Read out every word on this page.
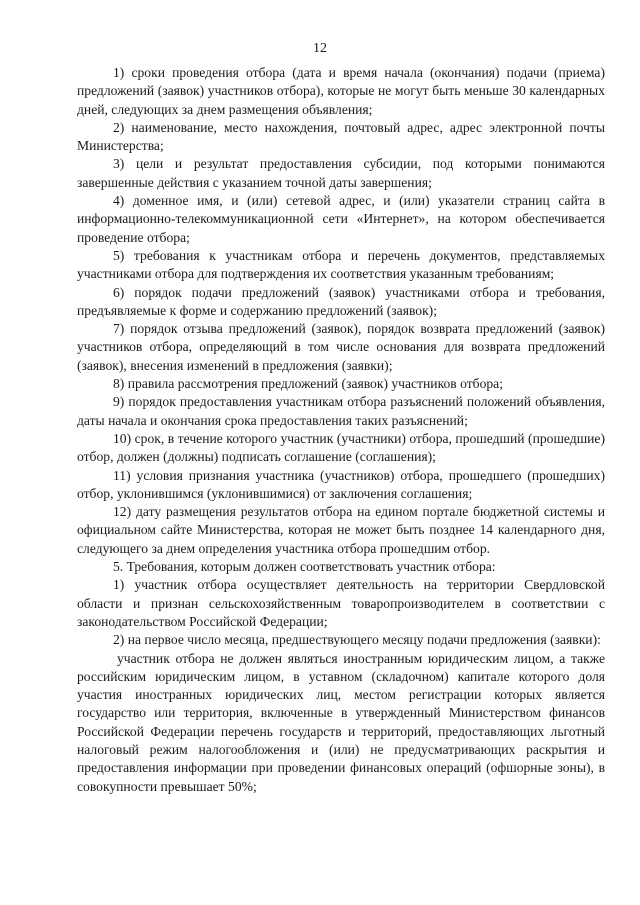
12

1) сроки проведения отбора (дата и время начала (окончания) подачи (приема) предложений (заявок) участников отбора), которые не могут быть меньше 30 календарных дней, следующих за днем размещения объявления;

2) наименование, место нахождения, почтовый адрес, адрес электронной почты Министерства;

3) цели и результат предоставления субсидии, под которыми понимаются завершенные действия с указанием точной даты завершения;

4) доменное имя, и (или) сетевой адрес, и (или) указатели страниц сайта в информационно-телекоммуникационной сети «Интернет», на котором обеспечивается проведение отбора;

5) требования к участникам отбора и перечень документов, представляемых участниками отбора для подтверждения их соответствия указанным требованиям;

6) порядок подачи предложений (заявок) участниками отбора и требования, предъявляемые к форме и содержанию предложений (заявок);

7) порядок отзыва предложений (заявок), порядок возврата предложений (заявок) участников отбора, определяющий в том числе основания для возврата предложений (заявок), внесения изменений в предложения (заявки);

8) правила рассмотрения предложений (заявок) участников отбора;

9) порядок предоставления участникам отбора разъяснений положений объявления, даты начала и окончания срока предоставления таких разъяснений;

10) срок, в течение которого участник (участники) отбора, прошедший (прошедшие) отбор, должен (должны) подписать соглашение (соглашения);

11) условия признания участника (участников) отбора, прошедшего (прошедших) отбор, уклонившимся (уклонившимися) от заключения соглашения;

12) дату размещения результатов отбора на едином портале бюджетной системы и официальном сайте Министерства, которая не может быть позднее 14 календарного дня, следующего за днем определения участника отбора прошедшим отбор.

5. Требования, которым должен соответствовать участник отбора:

1) участник отбора осуществляет деятельность на территории Свердловской области и признан сельскохозяйственным товаропроизводителем в соответствии с законодательством Российской Федерации;

2) на первое число месяца, предшествующего месяцу подачи предложения (заявки):

участник отбора не должен являться иностранным юридическим лицом, а также российским юридическим лицом, в уставном (складочном) капитале которого доля участия иностранных юридических лиц, местом регистрации которых является государство или территория, включенные в утвержденный Министерством финансов Российской Федерации перечень государств и территорий, предоставляющих льготный налоговый режим налогообложения и (или) не предусматривающих раскрытия и предоставления информации при проведении финансовых операций (офшорные зоны), в совокупности превышает 50%;
